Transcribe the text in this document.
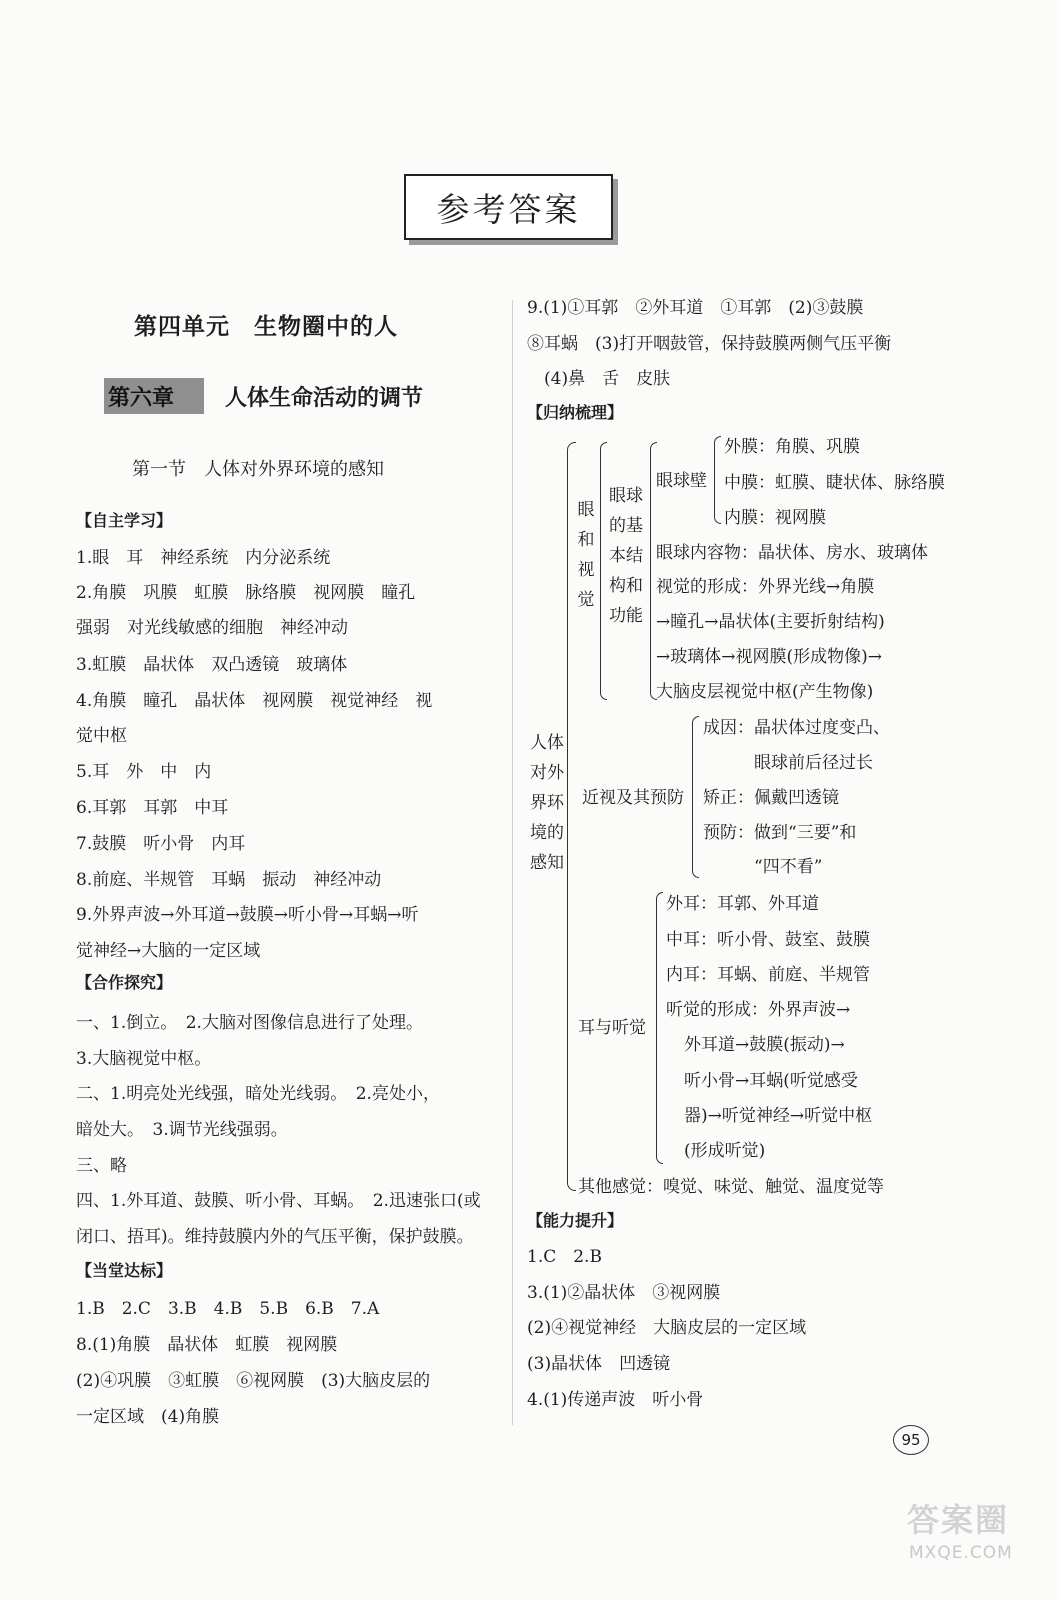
参考答案
第四单元　生物圈中的人
第六章 人体生命活动的调节
第一节　人体对外界环境的感知
【自主学习】
1.眼　耳　神经系统　内分泌系统
2.角膜　巩膜　虹膜　脉络膜　视网膜　瞳孔
强弱　对光线敏感的细胞　神经冲动
3.虹膜　晶状体　双凸透镜　玻璃体
4.角膜　瞳孔　晶状体　视网膜　视觉神经　视
觉中枢
5.耳　外　中　内
6.耳郭　耳郭　中耳
7.鼓膜　听小骨　内耳
8.前庭、半规管　耳蜗　振动　神经冲动
9.外界声波→外耳道→鼓膜→听小骨→耳蜗→听
觉神经→大脑的一定区域
【合作探究】
一、1.倒立。　2.大脑对图像信息进行了处理。
3.大脑视觉中枢。
二、1.明亮处光线强，暗处光线弱。　2.亮处小，
暗处大。　3.调节光线强弱。
三、略
四、1.外耳道、鼓膜、听小骨、耳蜗。　2.迅速张口(或
闭口、捂耳)。维持鼓膜内外的气压平衡，保护鼓膜。
【当堂达标】
1.B　2.C　3.B　4.B　5.B　6.B　7.A
8.(1)角膜　晶状体　虹膜　视网膜
(2)④巩膜　③虹膜　⑥视网膜　(3)大脑皮层的
一定区域　(4)角膜
9.(1)①耳郭　②外耳道　①耳郭　(2)③鼓膜
⑧耳蜗　(3)打开咽鼓管，保持鼓膜两侧气压平衡
(4)鼻　舌　皮肤
【归纳梳理】
人体
对外
界环
境的
感知
眼
和
视
觉
眼球
的基
本结
构和
功能
眼球壁
外膜：角膜、巩膜
中膜：虹膜、睫状体、脉络膜
内膜：视网膜
眼球内容物：晶状体、房水、玻璃体
视觉的形成：外界光线→角膜
→瞳孔→晶状体(主要折射结构)
→玻璃体→视网膜(形成物像)→
大脑皮层视觉中枢(产生物像)
近视及其预防
成因：晶状体过度变凸、
眼球前后径过长
矫正：佩戴凹透镜
预防：做到“三要”和
“四不看”
耳与听觉
外耳：耳郭、外耳道
中耳：听小骨、鼓室、鼓膜
内耳：耳蜗、前庭、半规管
听觉的形成：外界声波→
外耳道→鼓膜(振动)→
听小骨→耳蜗(听觉感受
器)→听觉神经→听觉中枢
(形成听觉)
其他感觉：嗅觉、味觉、触觉、温度觉等
【能力提升】
1.C　2.B
3.(1)②晶状体　③视网膜
(2)④视觉神经　大脑皮层的一定区域
(3)晶状体　凹透镜
4.(1)传递声波　听小骨
95
答案圈
MXQE.COM
